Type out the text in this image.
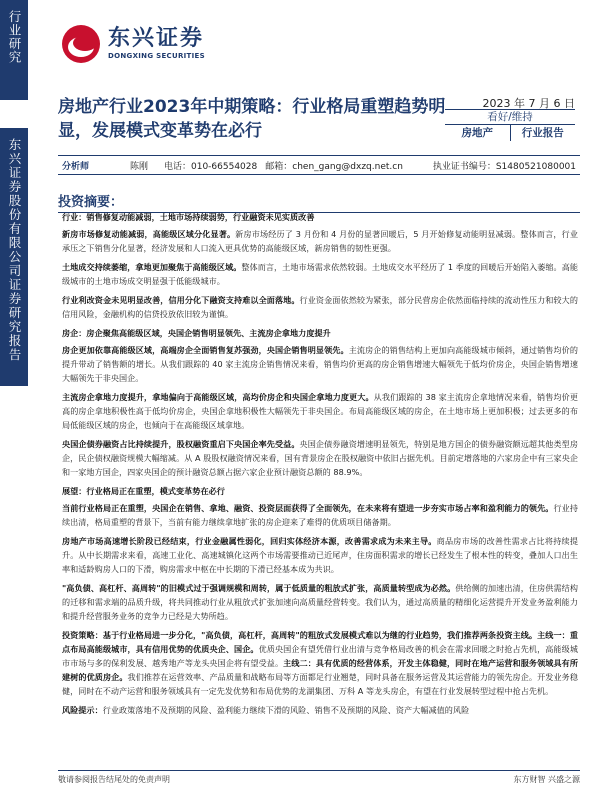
行业研究
东兴证券股份有限公司证券研究报告
东兴证券
DONGXING SECURITIES
房地产行业2023年中期策略：行业格局重塑趋势明显，发展模式变革势在必行
2023 年 7 月 6 日
看好/维持
房地产	行业报告
分析师	陈刚	电话：010-66554028 邮箱：chen_gang@dxzq.net.cn	执业证书编号：S1480521080001
投资摘要：
行业：销售修复动能减弱，土地市场持续弱势，行业融资未见实质改善
新房市场修复动能减弱，高能级区域分化显著。新房市场经历了 3 月份和 4 月份的显著回暖后，5 月开始修复动能明显减弱。整体而言，行业承压之下销售分化显著，经济发展和人口流入更具优势的高能级区域，新房销售的韧性更强。
土地成交持续萎缩，拿地更加聚焦于高能级区域。整体而言，土地市场需求依然较弱。土地成交水平经历了 1 季度的回暖后开始陷入萎缩。高能级城市的土地市场成交明显强于低能级城市。
行业利改资金未见明显改善，信用分化下融资支持难以全面落地。行业资金面依然较为紧张，部分民营房企依然面临持续的流动性压力和较大的信用风险，金融机构的信贷投放依旧较为谨慎。
房企：房企聚焦高能级区域，央国企销售明显领先、主流房企拿地力度提升
房企更加依靠高能级区域，高端房企全面销售复苏强劲，央国企销售明显领先。主流房企的销售结构上更加向高能级城市倾斜，通过销售均价的提升带动了销售额的增长。从我们跟踪的 40 家主流房企销售情况来看，销售均价更高的房企销售增速大幅领先于低均价房企，央国企销售增速大幅领先于非央国企。
主流房企拿地力度提升，拿地偏向于高能级区域，高均价房企和央国企拿地力度更大。从我们跟踪的 38 家主流房企拿地情况来看，销售均价更高的房企拿地积极性高于低均价房企，央国企拿地积极性大幅领先于非央国企。布局高能级区域的房企，在土地市场上更加积极；过去更多的布局低能级区域的房企，也倾向于在高能级区域拿地。
央国企债券融资占比持续提升，股权融资重启下央国企率先受益。央国企债券融资增速明显领先，特别是地方国企的债券融资额远超其他类型房企，民企债权融资规模大幅缩减。从 A 股股权融资情况来看，国有背景房企在股权融资中依旧占据先机。目前定增落地的六家房企中有三家央企和一家地方国企，四家央国企的预计融资总额占据六家企业预计融资总额的 88.9%。
展望：行业格局正在重塑，模式变革势在必行
当前行业格局正在重塑，央国企在销售、拿地、融资、投资层面获得了全面领先，在未来将有望进一步夯实市场占率和盈利能力的领先。行业持续出清，格局重塑的背景下，当前有能力继续拿地扩张的房企迎来了难得的优质项目储备期。
房地产市场高速增长阶段已经结束，行业金融属性弱化，回归实体经济本源，改善需求成为未来主导。商品房市场的改善性需求占比将持续提升。从中长期需求来看，高速工业化、高速城镇化这两个市场需要推动已近尾声，住房面积需求的增长已经发生了根本性的转变，叠加人口出生率和适龄购房人口的下滑，购房需求中枢在中长期的下滑已经基本成为共识。
"高负债、高杠杆、高周转"的旧模式过于强调规模和周转，属于低质量的粗放式扩张，高质量转型成为必然。供给侧的加速出清，住房供需结构的迁移和需求端的品质升级，将共同推动行业从粗放式扩张加速向高质量经营转变。我们认为，通过高质量的精细化运营提升开发业务盈利能力和提升经营服务业务的竞争力已经是大势所趋。
投资策略：基于行业格局进一步分化，"高负债，高杠杆，高周转"的粗放式发展模式难以为继的行业趋势，我们推荐两条投资主线。主线一：重点布局高能级城市，具有信用优势的优质央企、国企。优质央国企有望凭借行业出清与竞争格局改善的机会在需求回暖之时抢占先机，高能级城市市场与多的保利发展、越秀地产等龙头央国企将有望受益。主线二：具有优质的经营体系，开发主体稳健，同时在地产运营和服务领域具有所建树的优质房企。我们推荐在运营效率、产品质量和战略布局等方面都足行业翘楚，同时具备在服务运营及其运营能力的领先房企。开发业务稳健，同时在不动产运营和服务领域具有一定先发优势和布局优势的龙湖集团、万科 A 等龙头房企，有望在行业发展转型过程中抢占先机。
风险提示：行业政策落地不及预期的风险、盈利能力继续下滑的风险、销售不及预期的风险、资产大幅减值的风险
敬请参阅报告结尾处的免责声明	东方财智 兴盛之源
